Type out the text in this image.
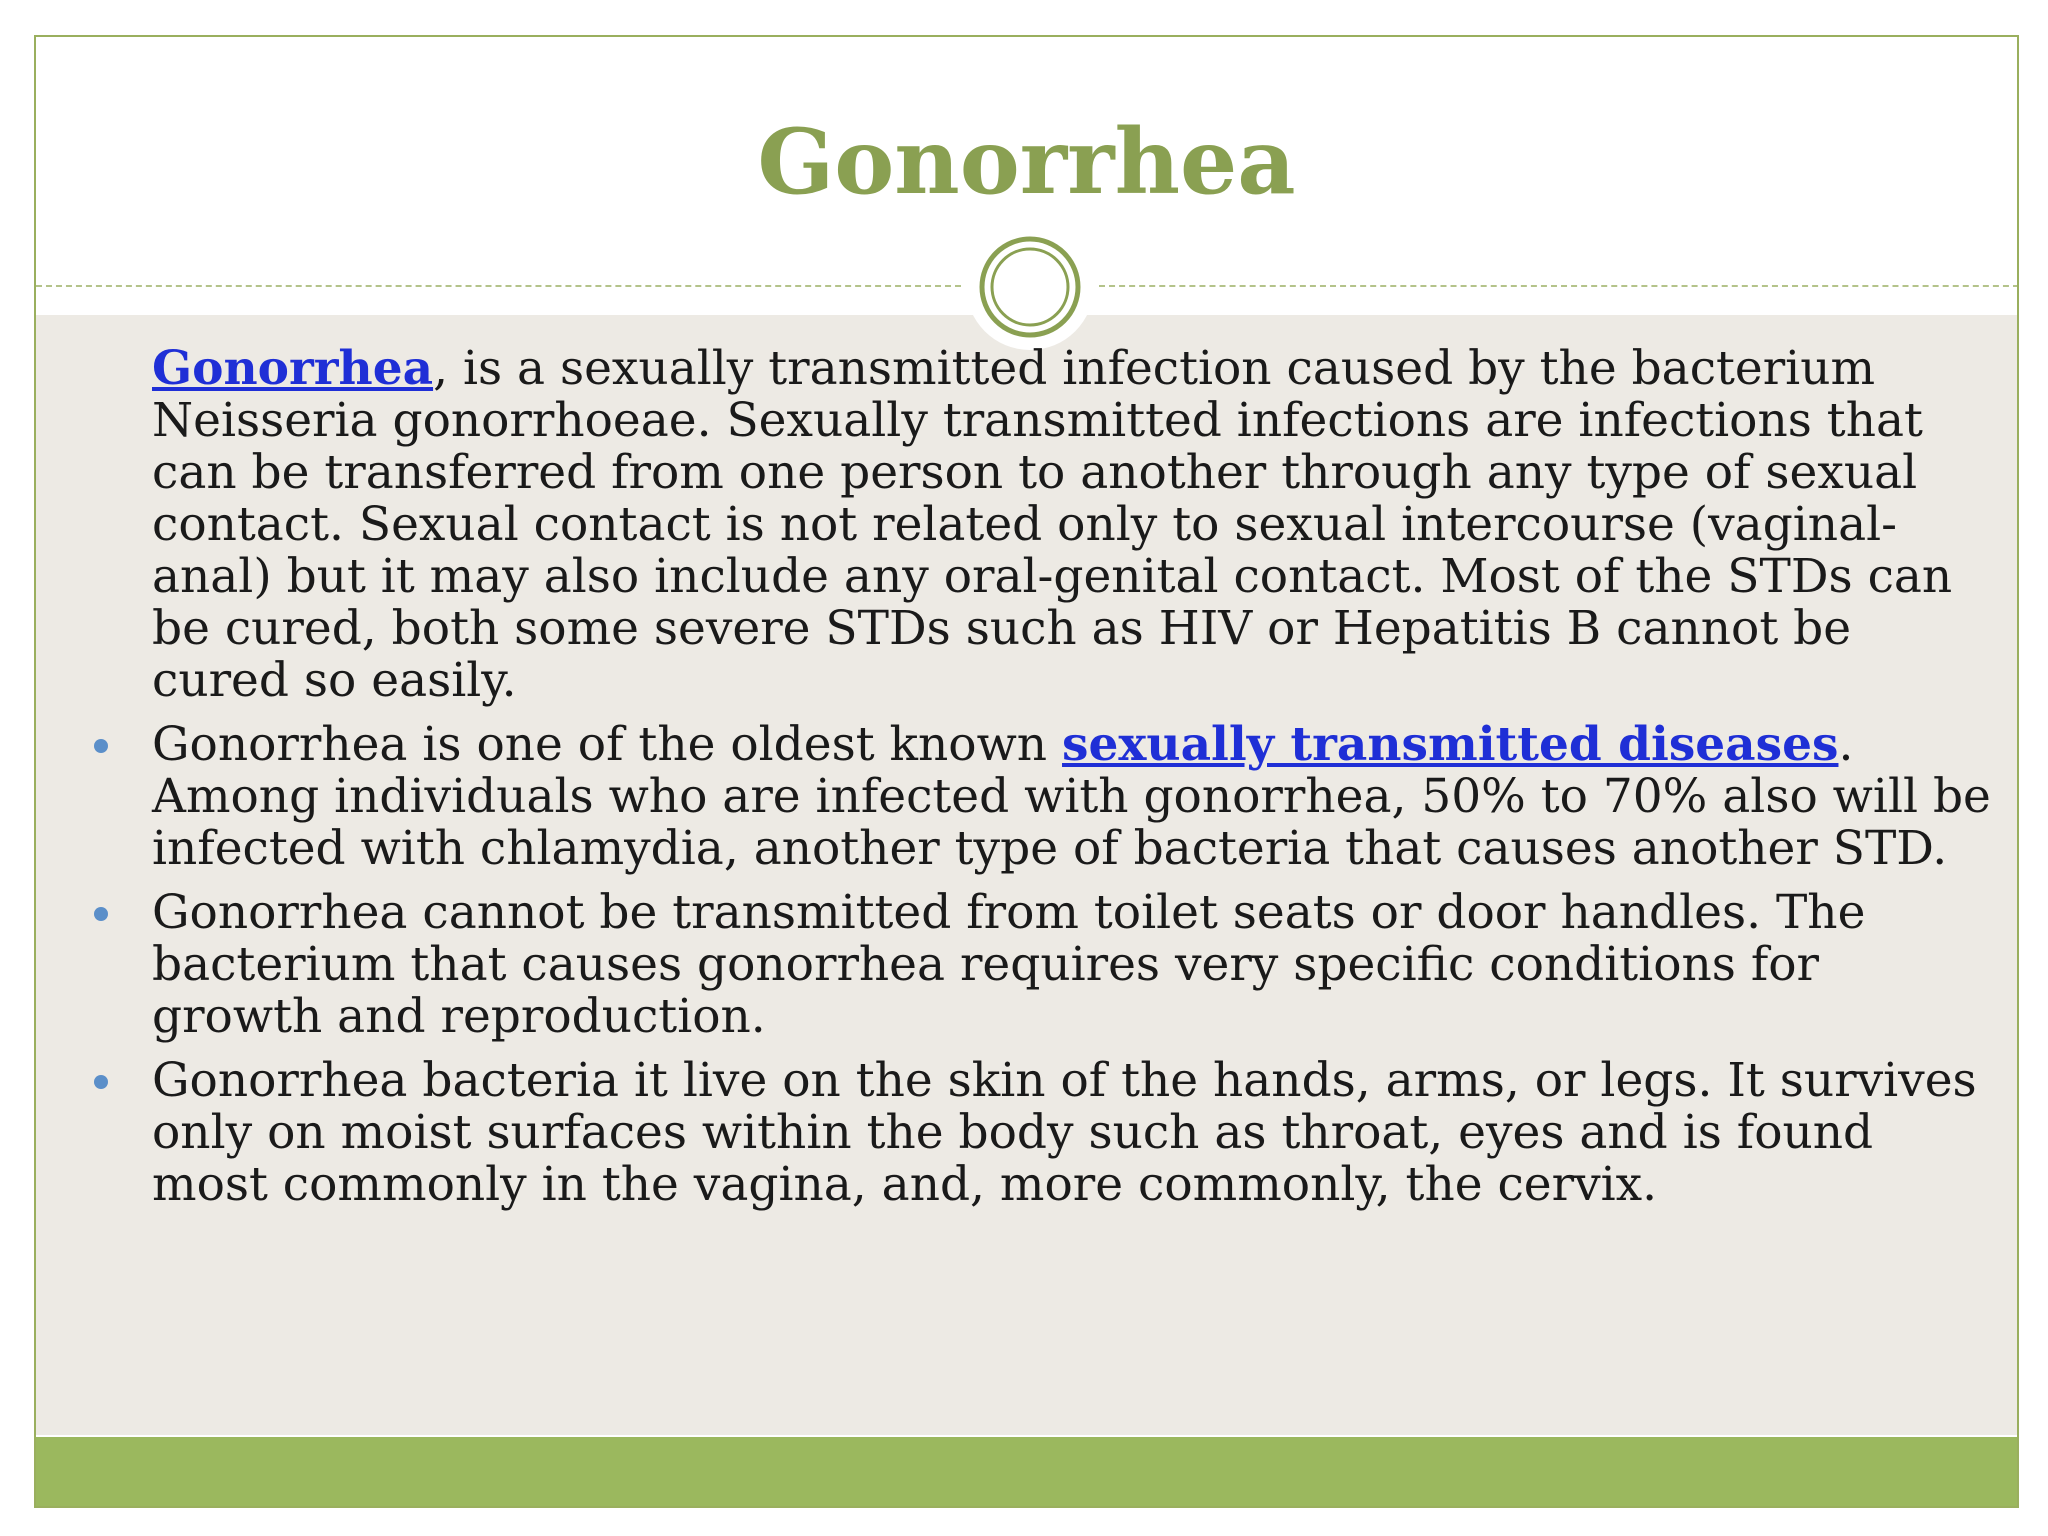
Gonorrhea

Gonorrhea, is a sexually transmitted infection caused by the bacterium Neisseria gonorrhoeae. Sexually transmitted infections are infections that can be transferred from one person to another through any type of sexual contact. Sexual contact is not related only to sexual intercourse (vaginal-anal) but it may also include any oral-genital contact. Most of the STDs can be cured, both some severe STDs such as HIV or Hepatitis B cannot be cured so easily.

Gonorrhea is one of the oldest known sexually transmitted diseases. Among individuals who are infected with gonorrhea, 50% to 70% also will be infected with chlamydia, another type of bacteria that causes another STD.
Gonorrhea cannot be transmitted from toilet seats or door handles. The bacterium that causes gonorrhea requires very specific conditions for growth and reproduction.
Gonorrhea bacteria it live on the skin of the hands, arms, or legs. It survives only on moist surfaces within the body such as throat, eyes and is found most commonly in the vagina, and, more commonly, the cervix.
